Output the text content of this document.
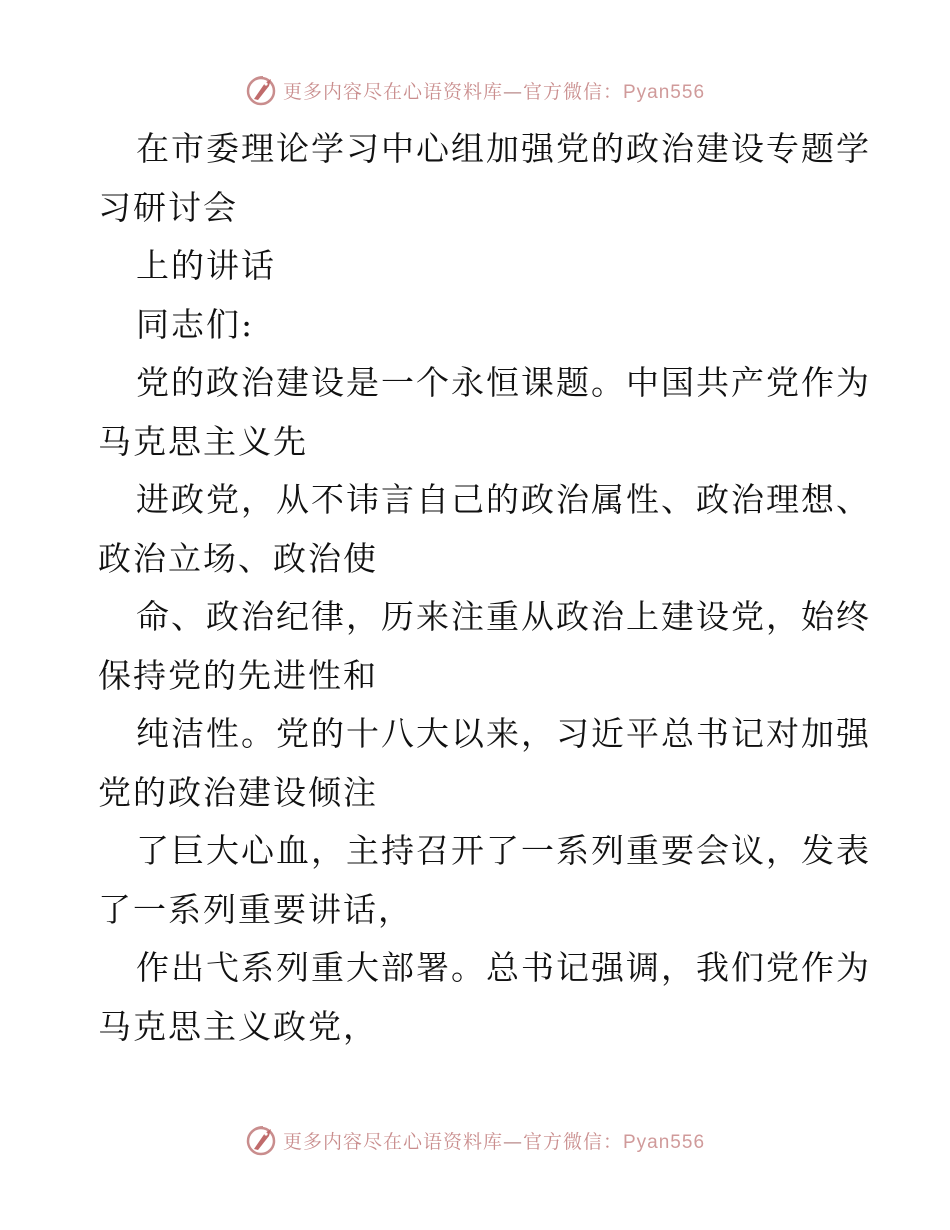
更多内容尽在心语资料库—官方微信：Pyan556
在市委理论学习中心组加强党的政治建设专题学
习研讨会
上的讲话
同志们:
党的政治建设是一个永恒课题。中国共产党作为
马克思主义先
进政党，从不讳言自己的政治属性、政治理想、
政治立场、政治使
命、政治纪律，历来注重从政治上建设党，始终
保持党的先进性和
纯洁性。党的十八大以来，习近平总书记对加强
党的政治建设倾注
了巨大心血，主持召开了一系列重要会议，发表
了一系列重要讲话，
作出弋系列重大部署。总书记强调，我们党作为
马克思主义政党，
更多内容尽在心语资料库—官方微信：Pyan556
